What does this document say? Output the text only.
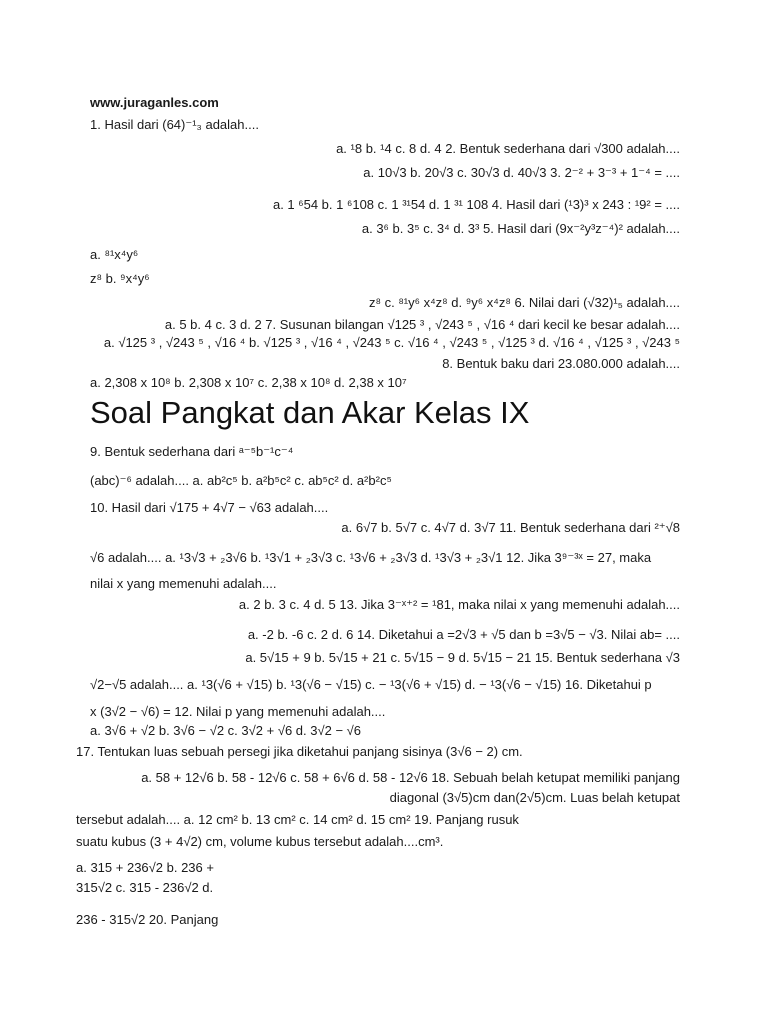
www.juraganles.com
1. Hasil dari (64)⁻¹₃ adalah....
a. ¹8 b. ¹4 c. 8 d. 4 2. Bentuk sederhana dari √300 adalah....
a. 10√3 b. 20√3 c. 30√3 d. 40√3 3. 2⁻² + 3⁻³ + 1⁻⁴ = ....
a. 1 ⁶54 b. 1 ⁶108 c. 1 ³¹54 d. 1 ³¹ 108 4. Hasil dari (¹3)³ x 243 : ¹9² = ....
a. 3⁶ b. 3⁵ c. 3⁴ d. 3³ 5. Hasil dari (9x⁻²y³z⁻⁴)² adalah....
a. ⁸¹x⁴y⁶
z⁸ b. ⁹x⁴y⁶
z⁸ c. ⁸¹y⁶ x⁴z⁸ d. ⁹y⁶ x⁴z⁸ 6. Nilai dari (√32)¹₅ adalah....
a. 5 b. 4 c. 3 d. 2 7. Susunan bilangan √125 ³ , √243 ⁵ , √16 ⁴ dari kecil ke besar adalah....
a. √125 ³ , √243 ⁵ , √16 ⁴ b. √125 ³ , √16 ⁴ , √243 ⁵ c. √16 ⁴ , √243 ⁵ , √125 ³ d. √16 ⁴ , √125 ³ , √243 ⁵
8. Bentuk baku dari 23.080.000 adalah....
a. 2,308 x 10⁸ b. 2,308 x 10⁷ c. 2,38 x 10⁸ d. 2,38 x 10⁷
Soal Pangkat dan Akar Kelas IX
9. Bentuk sederhana dari ᵃ⁻⁵b⁻¹c⁻⁴
(abc)⁻⁶ adalah.... a. ab²c⁵ b. a²b⁵c² c. ab⁵c² d. a²b²c⁵
10. Hasil dari √175 + 4√7 − √63 adalah....
a. 6√7 b. 5√7 c. 4√7 d. 3√7 11. Bentuk sederhana dari ²⁺√8
√6 adalah.... a. ¹3√3 + ₂3√6 b. ¹3√1 + ₂3√3 c. ¹3√6 + ₂3√3 d. ¹3√3 + ₂3√1 12. Jika 3⁹⁻³ˣ = 27, maka
nilai x yang memenuhi adalah....
a. 2 b. 3 c. 4 d. 5 13. Jika 3⁻ˣ⁺² = ¹81, maka nilai x yang memenuhi adalah....
a. -2 b. -6 c. 2 d. 6 14. Diketahui a =2√3 + √5 dan b =3√5 − √3. Nilai ab= ....
a. 5√15 + 9 b. 5√15 + 21 c. 5√15 − 9 d. 5√15 − 21 15. Bentuk sederhana √3
√2−√5 adalah.... a. ¹3(√6 + √15) b. ¹3(√6 − √15) c. − ¹3(√6 + √15) d. − ¹3(√6 − √15) 16. Diketahui p
x (3√2 − √6) = 12. Nilai p yang memenuhi adalah....
a. 3√6 + √2 b. 3√6 − √2 c. 3√2 + √6 d. 3√2 − √6
17. Tentukan luas sebuah persegi jika diketahui panjang sisinya (3√6 − 2) cm.
a. 58 + 12√6 b. 58 - 12√6 c. 58 + 6√6 d. 58 - 12√6 18. Sebuah belah ketupat memiliki panjang
diagonal (3√5)cm dan(2√5)cm. Luas belah ketupat
tersebut adalah.... a. 12 cm² b. 13 cm² c. 14 cm² d. 15 cm² 19. Panjang rusuk
suatu kubus (3 + 4√2) cm, volume kubus tersebut adalah....cm³.
a. 315 + 236√2 b. 236 +
315√2 c. 315 - 236√2 d.
236 - 315√2 20. Panjang
